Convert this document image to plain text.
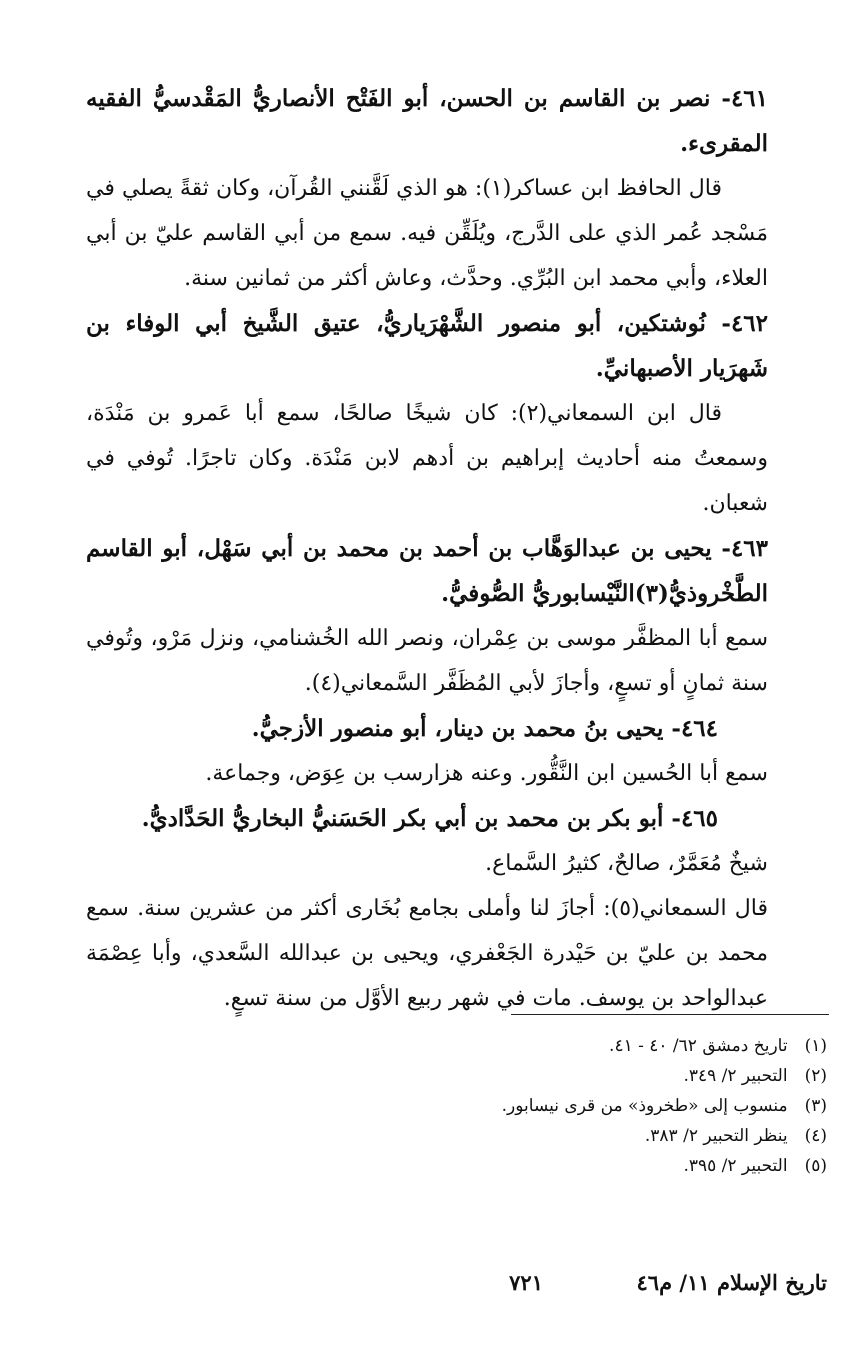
٤٦١- نصر بن القاسم بن الحسن، أبو الفَتْح الأنصاريُّ المَقْدسيُّ الفقيه المقرىء.

قال الحافظ ابن عساكر(١): هو الذي لَقَّنني القُرآن، وكان ثقةً يصلي في مَسْجد عُمر الذي على الدَّرج، ويُلَقِّن فيه. سمع من أبي القاسم عليّ بن أبي العلاء، وأبي محمد ابن البُرِّي. وحدَّث، وعاش أكثر من ثمانين سنة.

٤٦٢- نُوشتكين، أبو منصور الشَّهْرَياريُّ، عتيق الشَّيخ أبي الوفاء بن شَهرَيار الأصبهانيِّ.

قال ابن السمعاني(٢): كان شيخًا صالحًا، سمع أبا عَمرو بن مَنْدَة، وسمعتُ منه أحاديث إبراهيم بن أدهم لابن مَنْدَة. وكان تاجرًا. تُوفي في شعبان.

٤٦٣- يحيى بن عبدالوَهَّاب بن أحمد بن محمد بن أبي سَهْل، أبو القاسم الطَّخْروذيُّ(٣)النَّيْسابوريُّ الصُّوفيُّ.

سمع أبا المظفَّر موسى بن عِمْران، ونصر الله الخُشنامي، ونزل مَرْو، وتُوفي سنة ثمانٍ أو تسعٍ، وأجازَ لأبي المُظَفَّر السَّمعاني(٤).

٤٦٤- يحيى بنُ محمد بن دينار، أبو منصور الأزجيُّ.

سمع أبا الحُسين ابن النَّقُّور. وعنه هزارسب بن عِوَض، وجماعة.

٤٦٥- أبو بكر بن محمد بن أبي بكر الحَسَنيُّ البخاريُّ الحَدَّاديُّ.

شيخٌ مُعَمَّرٌ، صالحٌ، كثيرُ السَّماع.

قال السمعاني(٥): أجازَ لنا وأملى بجامع بُخَارى أكثر من عشرين سنة. سمع محمد بن عليّ بن حَيْدرة الجَعْفري، ويحيى بن عبدالله السَّعدي، وأبا عِصْمَة عبدالواحد بن يوسف. مات في شهر ربيع الأوَّل من سنة تسعٍ.

(١) تاريخ دمشق ٦٢/ ٤٠ - ٤١.
(٢) التحبير ٢/ ٣٤٩.
(٣) منسوب إلى «طخروذ» من قرى نيسابور.
(٤) ينظر التحبير ٢/ ٣٨٣.
(٥) التحبير ٢/ ٣٩٥.
تاريخ الإسلام ١١/ م٤٦
٧٢١
